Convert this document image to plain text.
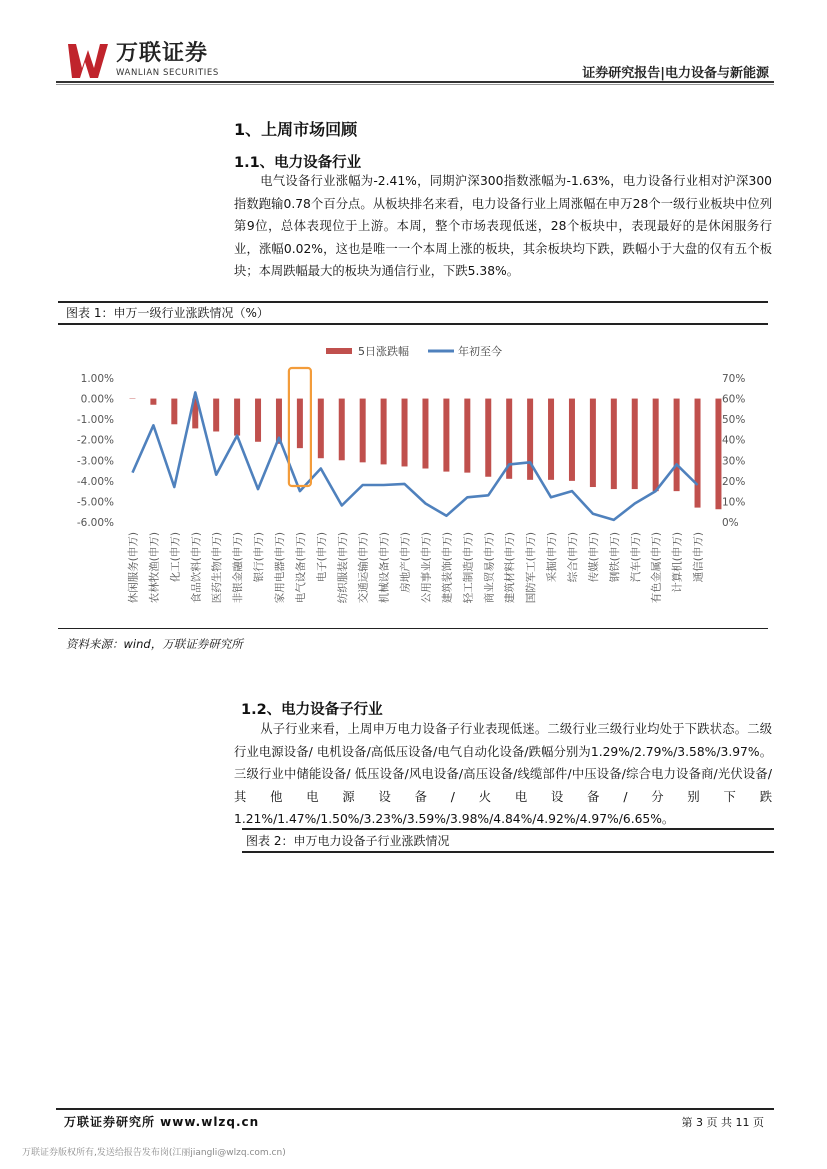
万联证券
WANLIAN SECURITIES	证券研究报告|电力设备与新能源
1、上周市场回顾
1.1、电力设备行业
电气设备行业涨幅为-2.41%，同期沪深300指数涨幅为-1.63%，电力设备行业相对沪深300指数跑输0.78个百分点。从板块排名来看，电力设备行业上周涨幅在申万28个一级行业板块中位列第9位，总体表现位于上游。本周，整个市场表现低迷，28个板块中，表现最好的是休闲服务行业，涨幅0.02%，这也是唯一一个本周上涨的板块，其余板块均下跌，跌幅小于大盘的仅有五个板块；本周跌幅最大的板块为通信行业，下跌5.38%。
图表 1：申万一级行业涨跌情况（%）
5日涨跌幅	年初至今
1.00%
0.00%
-1.00%
-2.00%
-3.00%
-4.00%
-5.00%
-6.00%
70%
60%
50%
40%
30%
20%
10%
0%
休闲服务(申万) 农林牧渔(申万) 化工(申万) 食品饮料(申万) 医药生物(申万) 非银金融(申万) 银行(申万) 家用电器(申万) 电气设备(申万) 电子(申万) 纺织服装(申万) 交通运输(申万) 机械设备(申万) 房地产(申万) 公用事业(申万) 建筑装饰(申万) 轻工制造(申万) 商业贸易(申万) 建筑材料(申万) 国防军工(申万) 采掘(申万) 综合(申万) 传媒(申万) 钢铁(申万) 汽车(申万) 有色金属(申万) 计算机(申万) 通信(申万)
资料来源：wind，万联证券研究所
1.2、电力设备子行业
从子行业来看，上周申万电力设备子行业表现低迷。二级行业三级行业均处于下跌状态。二级行业电源设备/ 电机设备/高低压设备/电气自动化设备/跌幅分别为1.29%/2.79%/3.58%/3.97%。三级行业中储能设备/ 低压设备/风电设备/高压设备/线缆部件/中压设备/综合电力设备商/光伏设备/其他电源设备/火电设备/分别下跌1.21%/1.47%/1.50%/3.23%/3.59%/3.98%/4.84%/4.92%/4.97%/6.65%。
图表 2：申万电力设备子行业涨跌情况
万联证券研究所 www.wlzq.cn	第 3 页 共 11 页
万联证券版权所有,发送给报告发布岗(江丽jiangli@wlzq.com.cn)
